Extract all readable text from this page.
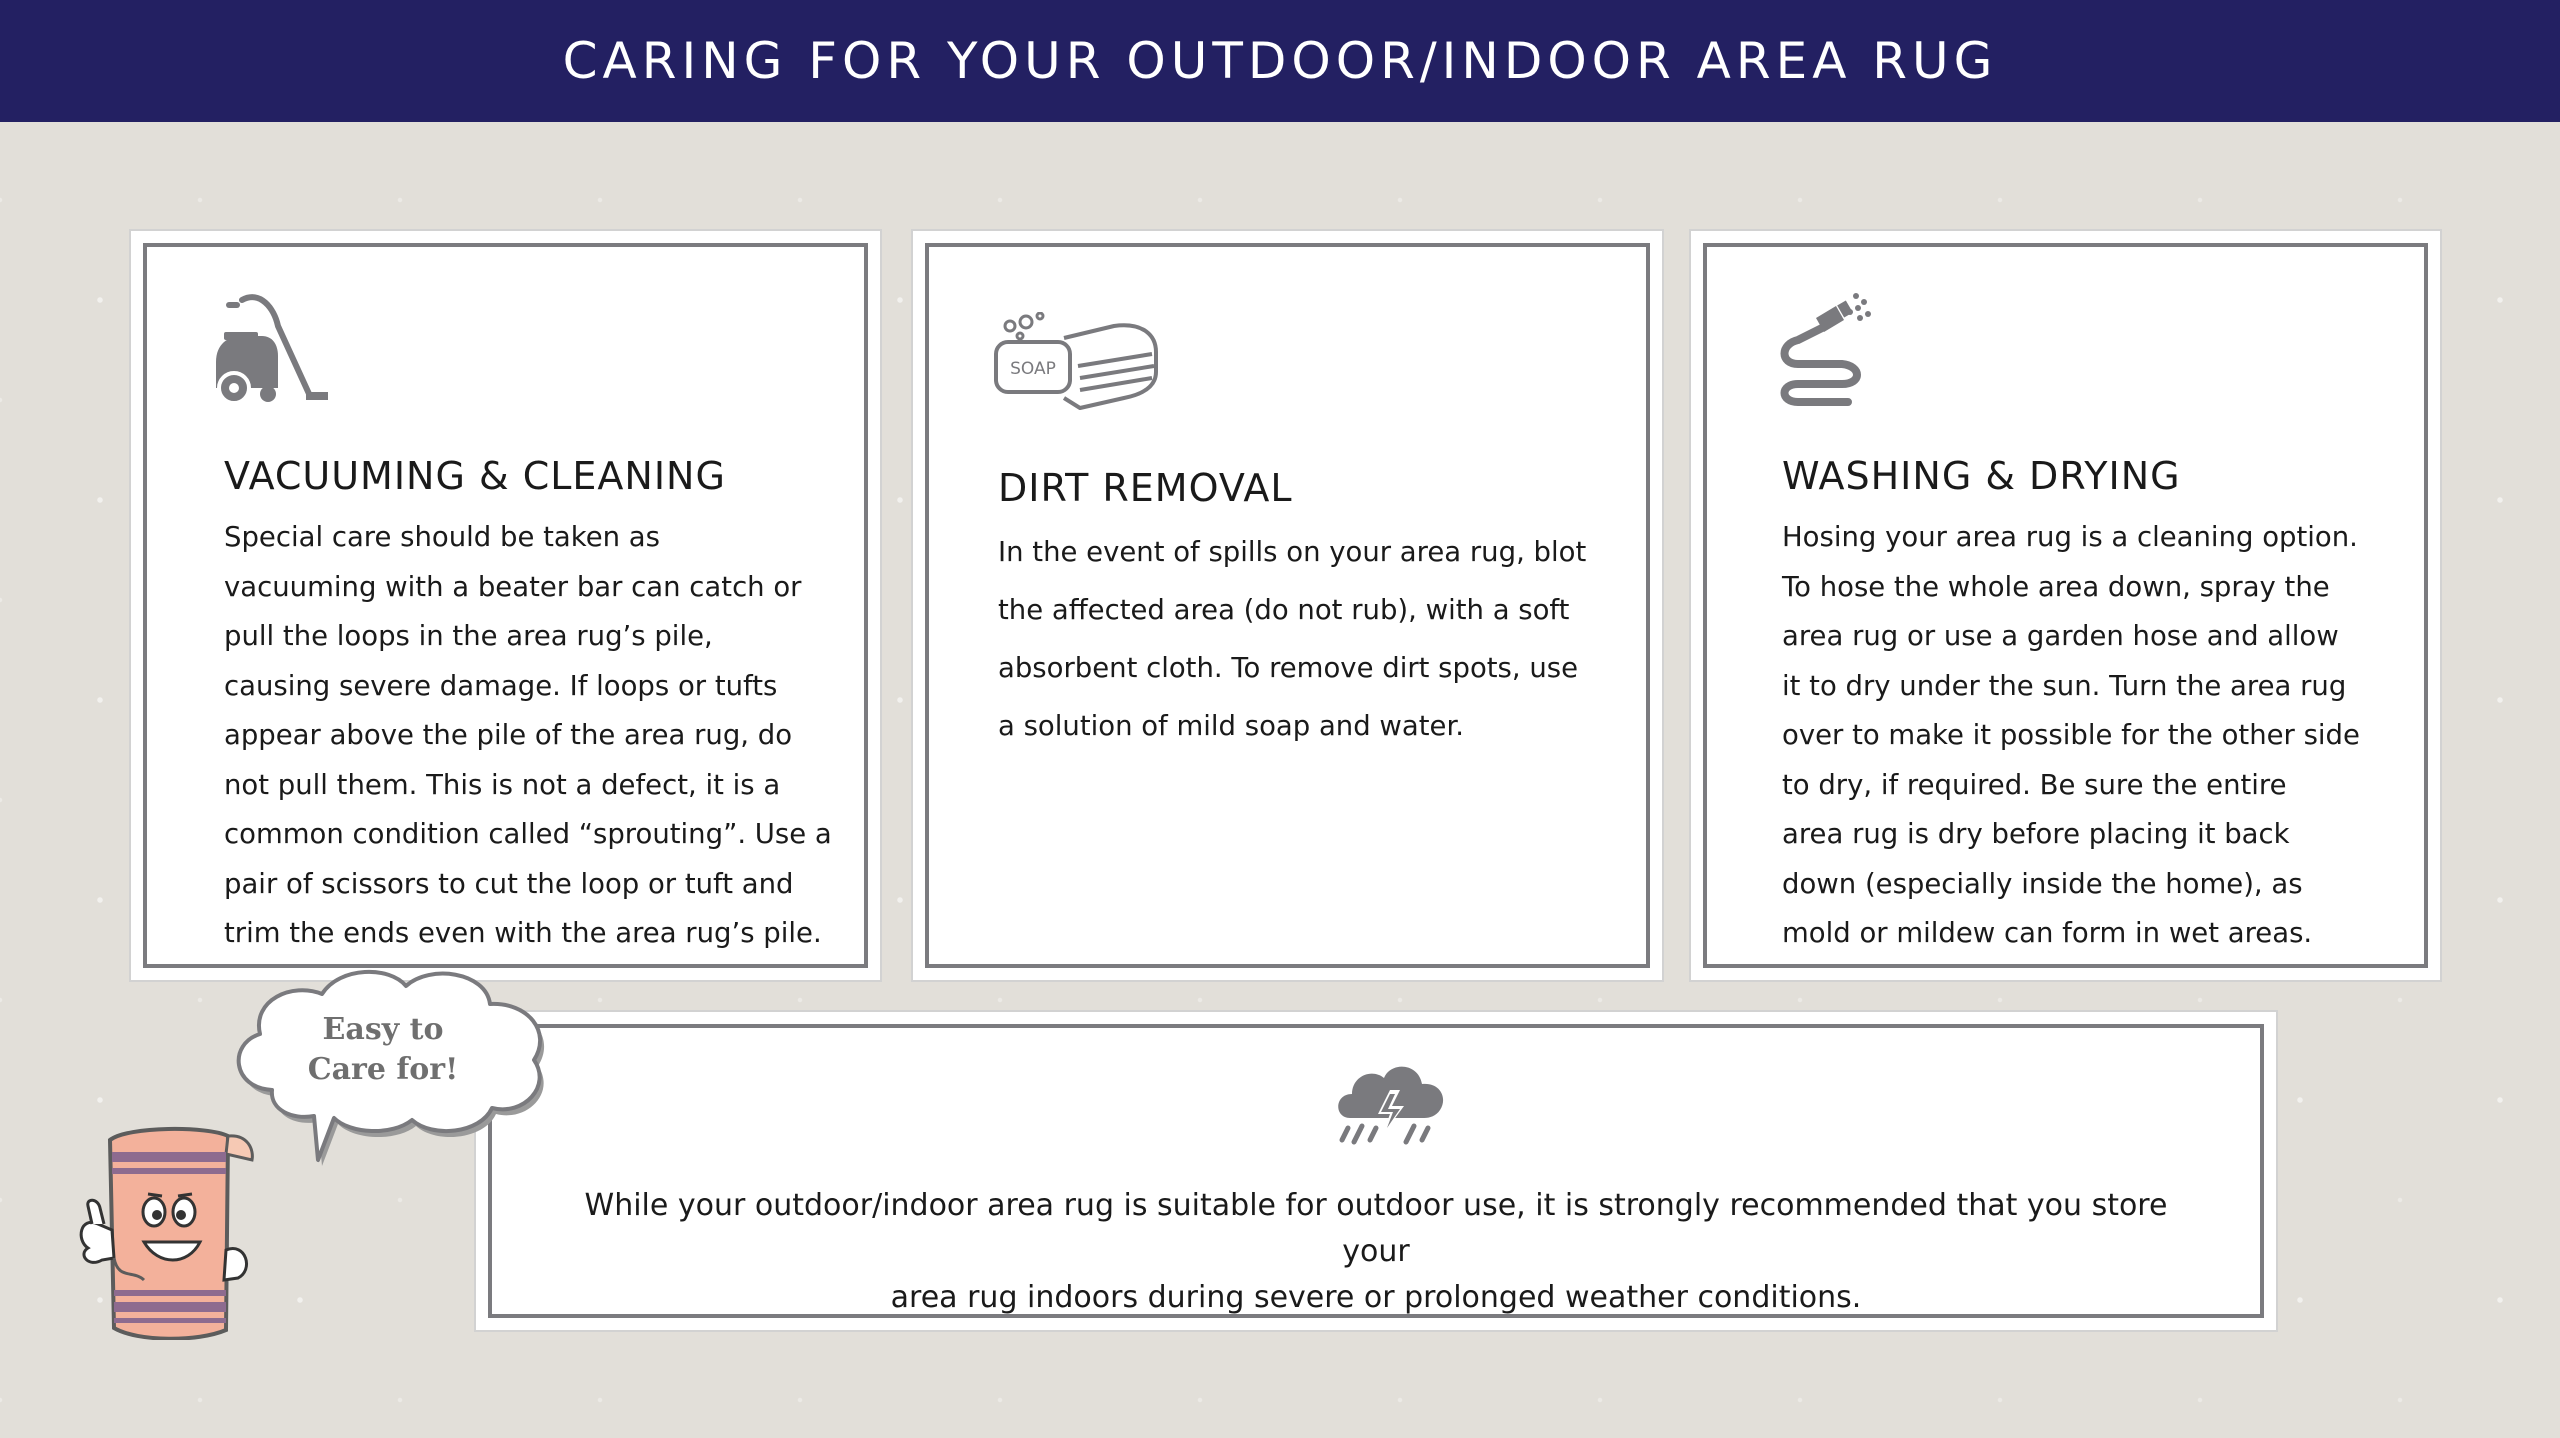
CARING FOR YOUR OUTDOOR/INDOOR AREA RUG
VACUUMING & CLEANING
Special care should be taken as
vacuuming with a beater bar can catch or
pull the loops in the area rug’s pile,
causing severe damage. If loops or tufts
appear above the pile of the area rug, do
not pull them. This is not a defect, it is a
common condition called “sprouting”. Use a
pair of scissors to cut the loop or tuft and
trim the ends even with the area rug’s pile.
SOAP
DIRT REMOVAL
In the event of spills on your area rug, blot
the affected area (do not rub), with a soft
absorbent cloth. To remove dirt spots, use
a solution of mild soap and water.
WASHING & DRYING
Hosing your area rug is a cleaning option.
To hose the whole area down, spray the
area rug or use a garden hose and allow
it to dry under the sun. Turn the area rug
over to make it possible for the other side
to dry, if required. Be sure the entire
area rug is dry before placing it back
down (especially inside the home), as
mold or mildew can form in wet areas.
While your outdoor/indoor area rug is suitable for outdoor use, it is strongly recommended that you store your
area rug indoors during severe or prolonged weather conditions.
Easy to
Care for!
